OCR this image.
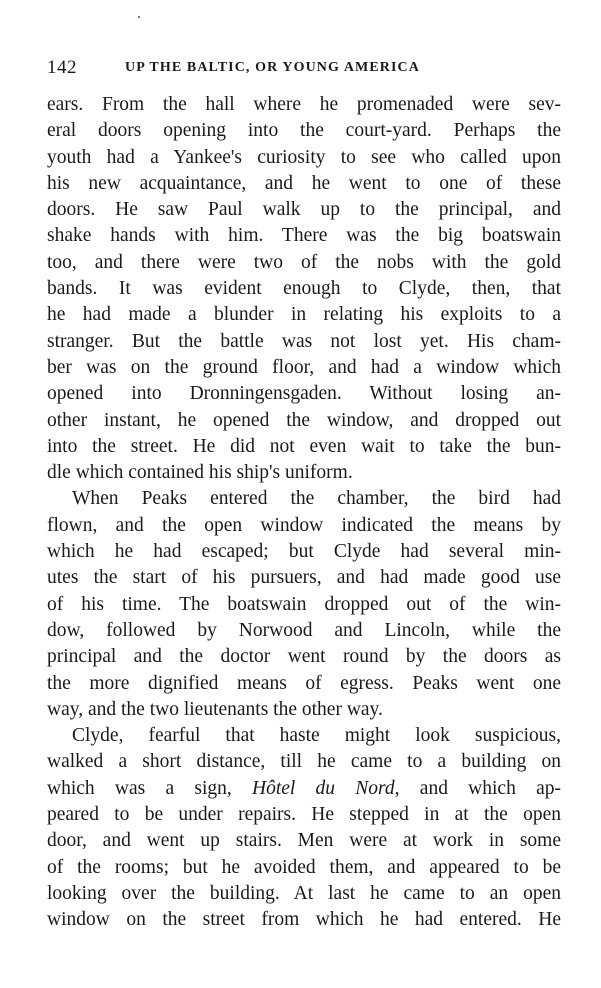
142	UP THE BALTIC, OR YOUNG AMERICA
ears. From the hall where he promenaded were sev-
eral doors opening into the court-yard. Perhaps the
youth had a Yankee's curiosity to see who called upon
his new acquaintance, and he went to one of these
doors. He saw Paul walk up to the principal, and
shake hands with him. There was the big boatswain
too, and there were two of the nobs with the gold
bands. It was evident enough to Clyde, then, that
he had made a blunder in relating his exploits to a
stranger. But the battle was not lost yet. His cham-
ber was on the ground floor, and had a window which
opened into Dronningensgaden. Without losing an-
other instant, he opened the window, and dropped out
into the street. He did not even wait to take the bun-
dle which contained his ship's uniform.
When Peaks entered the chamber, the bird had
flown, and the open window indicated the means by
which he had escaped; but Clyde had several min-
utes the start of his pursuers, and had made good use
of his time. The boatswain dropped out of the win-
dow, followed by Norwood and Lincoln, while the
principal and the doctor went round by the doors as
the more dignified means of egress. Peaks went one
way, and the two lieutenants the other way.
Clyde, fearful that haste might look suspicious,
walked a short distance, till he came to a building on
which was a sign, Hôtel du Nord, and which ap-
peared to be under repairs. He stepped in at the open
door, and went up stairs. Men were at work in some
of the rooms; but he avoided them, and appeared to be
looking over the building. At last he came to an open
window on the street from which he had entered. He
